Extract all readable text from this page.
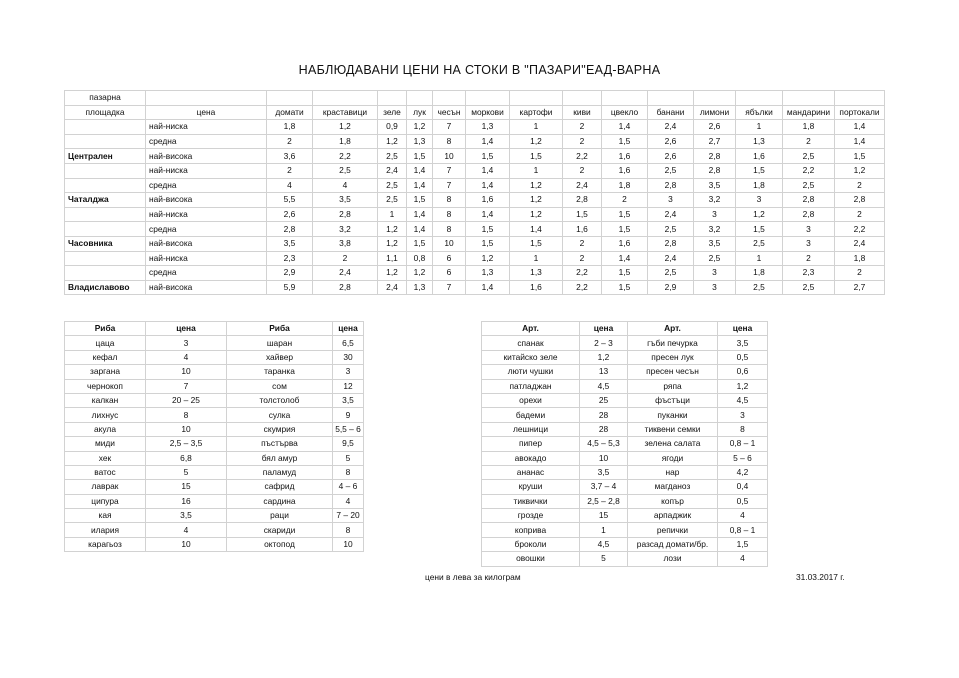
НАБЛЮДАВАНИ ЦЕНИ НА СТОКИ В "ПАЗАРИ"ЕАД-ВАРНА
пазарна															
площадка	цена	домати	краставици	зеле	лук	чесън	моркови	картофи	киви	цвекло	банани	лимони	ябълки	мандарини	портокали
	най-ниска	1,8	1,2	0,9	1,2	7	1,3	1	2	1,4	2,4	2,6	1	1,8	1,4
	средна	2	1,8	1,2	1,3	8	1,4	1,2	2	1,5	2,6	2,7	1,3	2	1,4
Централен	най-висока	3,6	2,2	2,5	1,5	10	1,5	1,5	2,2	1,6	2,6	2,8	1,6	2,5	1,5
	най-ниска	2	2,5	2,4	1,4	7	1,4	1	2	1,6	2,5	2,8	1,5	2,2	1,2
	средна	4	4	2,5	1,4	7	1,4	1,2	2,4	1,8	2,8	3,5	1,8	2,5	2
Чаталджа	най-висока	5,5	3,5	2,5	1,5	8	1,6	1,2	2,8	2	3	3,2	3	2,8	2,8
	най-ниска	2,6	2,8	1	1,4	8	1,4	1,2	1,5	1,5	2,4	3	1,2	2,8	2
	средна	2,8	3,2	1,2	1,4	8	1,5	1,4	1,6	1,5	2,5	3,2	1,5	3	2,2
Часовника	най-висока	3,5	3,8	1,2	1,5	10	1,5	1,5	2	1,6	2,8	3,5	2,5	3	2,4
	най-ниска	2,3	2	1,1	0,8	6	1,2	1	2	1,4	2,4	2,5	1	2	1,8
	средна	2,9	2,4	1,2	1,2	6	1,3	1,3	2,2	1,5	2,5	3	1,8	2,3	2
Владиславово	най-висока	5,9	2,8	2,4	1,3	7	1,4	1,6	2,2	1,5	2,9	3	2,5	2,5	2,7
Риба	цена	Риба	цена
цаца	3	шаран	6,5
кефал	4	хайвер	30
заргана	10	таранка	3
чернокоп	7	сом	12
калкан	20 – 25	толстолоб	3,5
лихнус	8	сулка	9
акула	10	скумрия	5,5 – 6
миди	2,5 – 3,5	пъстърва	9,5
хек	6,8	бял амур	5
ватос	5	паламуд	8
лаврак	15	сафрид	4 – 6
ципура	16	сардина	4
кая	3,5	раци	7 – 20
илария	4	скариди	8
карагьоз	10	октопод	10
Арт.	цена	Арт.	цена
спанак	2 – 3	гъби печурка	3,5
китайско зеле	1,2	пресен лук	0,5
люти чушки	13	пресен чесън	0,6
патладжан	4,5	ряпа	1,2
орехи	25	фъстъци	4,5
бадеми	28	пуканки	3
лешници	28	тиквени семки	8
пипер	4,5 – 5,3	зелена салата	0,8 – 1
авокадо	10	ягоди	5 – 6
ананас	3,5	нар	4,2
круши	3,7 – 4	магданоз	0,4
тиквички	2,5 – 2,8	копър	0,5
грозде	15	арпаджик	4
коприва	1	репички	0,8 – 1
броколи	4,5	разсад домати/бр.	1,5
овошки	5	лози	4
цени в лева за килограм	31.03.2017 г.
